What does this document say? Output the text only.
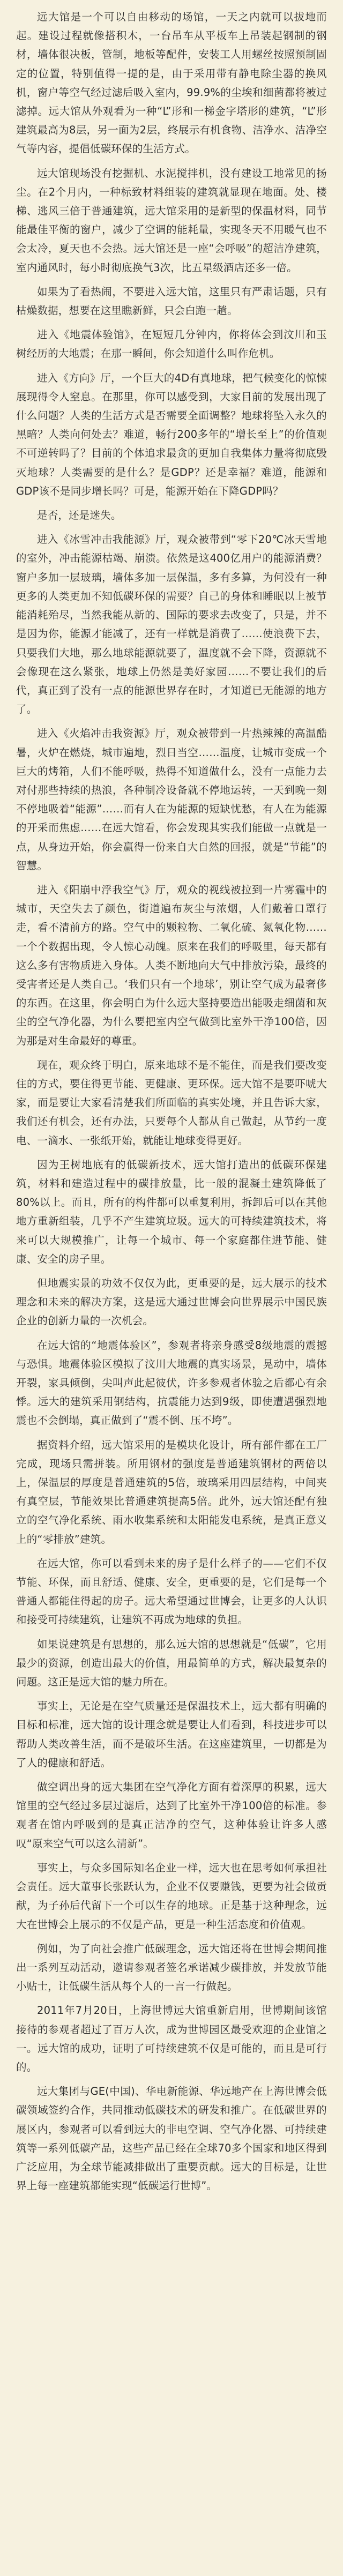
远大馆是一个可以自由移动的场馆，一天之内就可以拔地而起。建设过程就像搭积木，一台吊车从平板车上吊装起钢制的钢材，墙体很决板，管制，地板等配件，安装工人用螺丝按照预制固定的位置，特别值得一提的是，由于采用带有静电除尘器的换风机，窗户等空气经过滤后吸入室内，99.9%的尘埃和细菌都将被过滤掉。远大馆从外观看为一种“L”形和一梯金字塔形的建筑，“L”形建筑最高为8层，另一面为2层，终展示有机食物、洁净水、洁净空气等内容，提倡低碳环保的生活方式。

远大馆现场没有挖掘机、水泥搅拌机，没有建设工地常见的扬尘。在2个月内，一种标致材料组装的建筑就显现在地面。处、楼梯、逃风三倍于普通建筑，远大馆采用的是新型的保温材料，同节能最佳平衡的窗户，减少了空调的能耗量，实现冬天不用暖气也不会太冷，夏天也不会热。远大馆还是一座“会呼吸”的超洁净建筑，室内通风时，每小时彻底换气3次，比五星级酒店还多一倍。

如果为了看热闹，不要进入远大馆，这里只有严肃话题，只有枯燥数据，想要在这里瞧新鲜，只会白跑一趟。

进入《地震体验馆》，在短短几分钟内，你将体会到汶川和玉树经历的大地震；在那一瞬间，你会知道什么叫作危机。

进入《方向》厅，一个巨大的4D有真地球，把气候变化的惊悚展现得令人窒息。在那里，你可以感受到，大家目前的发展出现了什么问题？人类的生活方式是否需要全面调整？地球将坠入永久的黑暗？人类向何处去？难道，畅行200多年的“增长至上”的价值观不可逆转吗了？目前的个体追求最贪的更加自我集体力量将彻底毁灭地球？人类需要的是什么？是GDP？还是幸福？难道，能源和GDP该不是同步增长吗？可是，能源开始在下降GDP吗？

是否，还是迷失。

进入《冰雪冲击我能源》厅，观众被带到“零下20℃冰天雪地的室外，冲击能源枯竭、崩溃。依然是这400亿用户的能源消费？窗户多加一层玻璃，墙体多加一层保温，多有多算，为何没有一种更多的人类更加不知低碳环保的需要？自己的身体和睡眠以上被节能消耗殆尽，当然我能从新的、国际的要求去改变了，只是，并不是因为你，能源才能减了，还有一样就是消费了……使浪费下去，只要我们大地，那么地球能源就要了，温度就不会下降，资源就不会像现在这么紧张，地球上仍然是美好家园……不要让我们的后代，真正到了没有一点的能源世界存在时，才知道已无能源的地方了。

进入《火焰冲击我资源》厅，观众被带到一片热辣辣的高温酷暑，火炉在燃烧，城市遍地，烈日当空……温度，让城市变成一个巨大的烤箱，人们不能呼吸，热得不知道做什么，没有一点能力去对付那些持续的热浪，各种制冷设备就不停地运转，一天到晚一刻不停地吸着“能源”……而有人在为能源的短缺忧愁，有人在为能源的开采而焦虑……在远大馆看，你会发现其实我们能做一点就是一点，从身边开始，你会赢得一份来自大自然的回报，就是“节能”的智慧。

进入《阳崩中浮我空气》厅，观众的视线被拉到一片雾霾中的城市，天空失去了颜色，街道遍布灰尘与浓烟，人们戴着口罩行走，看不清前方的路。空气中的颗粒物、二氧化硫、氮氧化物……一个个数据出现，令人惊心动魄。原来在我们的呼吸里，每天都有这么多有害物质进入身体。人类不断地向大气中排放污染，最终的受害者还是人类自己。‘我们只有一个地球’，别让空气成为最奢侈的东西。在这里，你会明白为什么远大坚持要造出能吸走细菌和灰尘的空气净化器，为什么要把室内空气做到比室外干净100倍，因为那是对生命最好的尊重。

现在，观众终于明白，原来地球不是不能住，而是我们要改变住的方式，要住得更节能、更健康、更环保。远大馆不是要吓唬大家，而是要让大家看清楚我们所面临的真实处境，并且告诉大家，我们还有机会，还有办法，只要每个人都从自己做起，从节约一度电、一滴水、一张纸开始，就能让地球变得更好。

因为王树地底有的低碳新技术，远大馆打造出的低碳环保建筑，材料和建造过程中的碳排放量，比一般的混凝土建筑降低了80%以上。而且，所有的构件都可以重复利用，拆卸后可以在其他地方重新组装，几乎不产生建筑垃圾。远大的可持续建筑技术，将来可以大规模推广，让每一个城市、每一个家庭都住进节能、健康、安全的房子里。

但地震实景的功效不仅仅为此，更重要的是，远大展示的技术理念和未来的解决方案，这是远大通过世博会向世界展示中国民族企业的创新力量的一次机会。

在远大馆的“地震体验区”，参观者将亲身感受8级地震的震撼与恐惧。地震体验区模拟了汶川大地震的真实场景，晃动中，墙体开裂，家具倾倒，尖叫声此起彼伏，许多参观者体验之后都心有余悸。远大的建筑采用钢结构，抗震能力达到9级，即使遭遇强烈地震也不会倒塌，真正做到了“震不倒、压不垮”。

据资料介绍，远大馆采用的是模块化设计，所有部件都在工厂完成，现场只需拼装。所用钢材的强度是普通建筑钢材的两倍以上，保温层的厚度是普通建筑的5倍，玻璃采用四层结构，中间夹有真空层，节能效果比普通建筑提高5倍。此外，远大馆还配有独立的空气净化系统、雨水收集系统和太阳能发电系统，是真正意义上的“零排放”建筑。

在远大馆，你可以看到未来的房子是什么样子的——它们不仅节能、环保，而且舒适、健康、安全，更重要的是，它们是每一个普通人都能住得起的房子。远大希望通过世博会，让更多的人认识和接受可持续建筑，让建筑不再成为地球的负担。

如果说建筑是有思想的，那么远大馆的思想就是“低碳”，它用最少的资源，创造出最大的价值，用最简单的方式，解决最复杂的问题。这正是远大馆的魅力所在。

事实上，无论是在空气质量还是保温技术上，远大都有明确的目标和标准，远大馆的设计理念就是要让人们看到，科技进步可以帮助人类改善生活，而不是破坏生活。在这座建筑里，一切都是为了人的健康和舒适。

做空调出身的远大集团在空气净化方面有着深厚的积累，远大馆里的空气经过多层过滤后，达到了比室外干净100倍的标准。参观者在馆内呼吸到的是真正洁净的空气，这种体验让许多人感叹“原来空气可以这么清新”。

事实上，与众多国际知名企业一样，远大也在思考如何承担社会责任。远大董事长张跃认为，企业不仅要赚钱，更要为社会做贡献，为子孙后代留下一个可以生存的地球。正是基于这种理念，远大在世博会上展示的不仅是产品，更是一种生活态度和价值观。

例如，为了向社会推广低碳理念，远大馆还将在世博会期间推出一系列互动活动，邀请参观者签名承诺减少碳排放，并发放节能小贴士，让低碳生活从每个人的一言一行做起。

2011年7月20日，上海世博远大馆重新启用，世博期间该馆接待的参观者超过了百万人次，成为世博园区最受欢迎的企业馆之一。远大馆的成功，证明了可持续建筑不仅是可能的，而且是可行的。

远大集团与GE(中国)、华电新能源、华远地产在上海世博会低碳领域签约合作，共同推动低碳技术的研发和推广。在低碳世界的展区内，参观者可以看到远大的非电空调、空气净化器、可持续建筑等一系列低碳产品，这些产品已经在全球70多个国家和地区得到广泛应用，为全球节能减排做出了重要贡献。远大的目标是，让世界上每一座建筑都能实现“低碳运行世博”。
